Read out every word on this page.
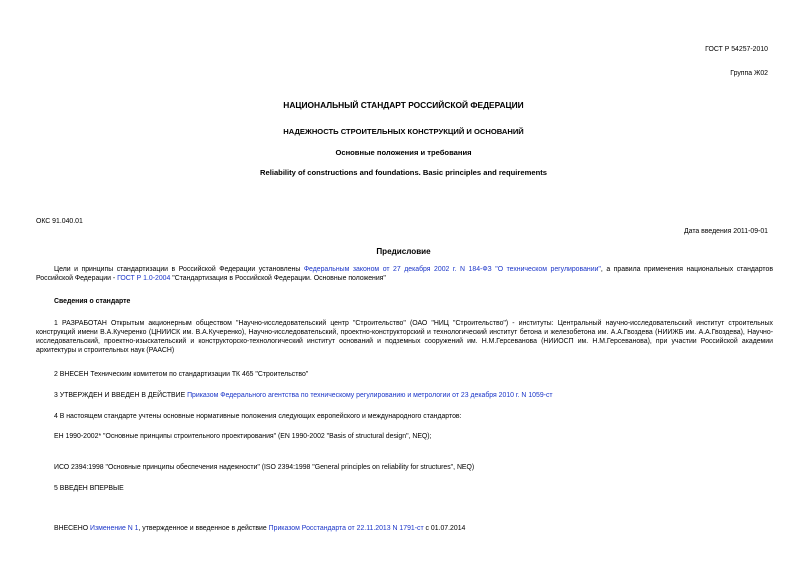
ГОСТ Р 54257-2010
Группа Ж02
НАЦИОНАЛЬНЫЙ СТАНДАРТ РОССИЙСКОЙ ФЕДЕРАЦИИ
НАДЕЖНОСТЬ СТРОИТЕЛЬНЫХ КОНСТРУКЦИЙ И ОСНОВАНИЙ
Основные положения и требования
Reliability of constructions and foundations. Basic principles and requirements
ОКС 91.040.01
Дата введения 2011-09-01
Предисловие

Цели и принципы стандартизации в Российской Федерации установлены Федеральным законом от 27 декабря 2002 г. N 184-ФЗ "О техническом регулировании", а правила применения национальных стандартов Российской Федерации - ГОСТ Р 1.0-2004 "Стандартизация в Российской Федерации. Основные положения"

Сведения о стандарте

1 РАЗРАБОТАН Открытым акционерным обществом "Научно-исследовательский центр "Строительство" (ОАО "НИЦ "Строительство") - институты: Центральный научно-исследовательский институт строительных конструкций имени В.А.Кучеренко (ЦНИИСК им. В.А.Кучеренко), Научно-исследовательский, проектно-конструкторский и технологический институт бетона и железобетона им. А.А.Гвоздева (НИИЖБ им. А.А.Гвоздева), Научно-исследовательский, проектно-изыскательский и конструкторско-технологический институт оснований и подземных сооружений им. Н.М.Герсеванова (НИИОСП им. Н.М.Герсеванова), при участии Российской академии архитектуры и строительных наук (РААСН)

2 ВНЕСЕН Техническим комитетом по стандартизации ТК 465 "Строительство"
3 УТВЕРЖДЕН И ВВЕДЕН В ДЕЙСТВИЕ Приказом Федерального агентства по техническому регулированию и метрологии от 23 декабря 2010 г. N 1059-ст
4 В настоящем стандарте учтены основные нормативные положения следующих европейского и международного стандартов:
ЕН 1990-2002* "Основные принципы строительного проектирования" (EN 1990-2002 "Basis of structural design", NEQ);
ИСО 2394:1998 "Основные принципы обеспечения надежности" (ISO 2394:1998 "General principles on reliability for structures", NEQ)
5 ВВЕДЕН ВПЕРВЫЕ
ВНЕСЕНО Изменение N 1, утвержденное и введенное в действие Приказом Росстандарта от 22.11.2013 N 1791-ст с 01.07.2014
